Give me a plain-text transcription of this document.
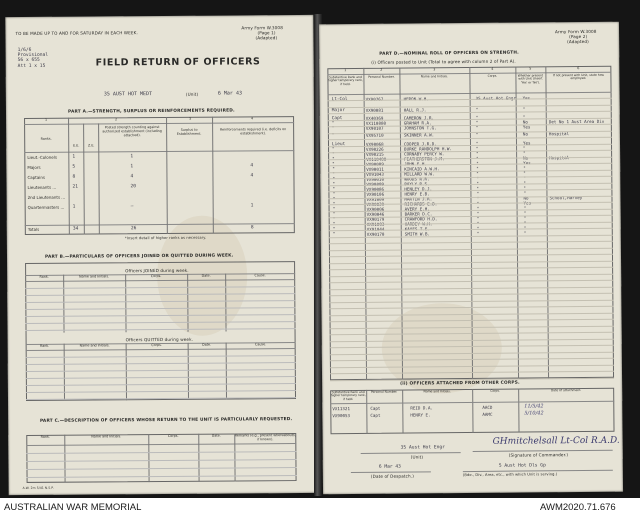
TO BE MADE UP TO AND FOR SATURDAY IN EACH WEEK.
Army Form W.3008
(Page 1)
(Adapted)
1/6/6
Provisional
56 x 655
Att 1 x 15	FIELD RETURN OF OFFICERS
35 AUST HOT MEDT	(Unit)	6 Mar 43
PART A.—STRENGTH, SURPLUS OR REINFORCEMENTS REQUIRED.
1	2	3	4
Ranks.
Posted strength counting against authorized establishment (including attached).
Surplus to Establishment.
Reinforcements required (i.e. deficits on establishment).
E.E.	Z.E.
Lieut.-Colonels	1	1
Majors	5	1	4
Captains	8	4	4
Lieutenants ...	21	20
2nd Lieutenants ...
Quartermasters ... 1	–	1
Totals	34	26	8
*Insert detail of higher ranks as necessary.
PART B.—PARTICULARS OF OFFICERS JOINED OR QUITTED DURING WEEK.
Officers JOINED during week.
Officers QUITTED during week.
Rank.	Name and Initials.	Corps.	Date.	Cause.
Rank.	Name and Initials.	Corps.	Date.	Cause.
PART C.—DESCRIPTION OF OFFICERS WHOSE RETURN TO THE UNIT IS PARTICULARLY REQUESTED.
Rank.	Name and Initials.	Corps.	Date.	Remarks (e.g., present whereabouts, if known).
A.W. 2m 5/41 N.S.P.
Army Form W.3008
(Page 2)
(Adapted)
PART D.—NOMINAL ROLL OF OFFICERS ON STRENGTH.
(i) Officers posted to Unit (Total to agree with column 2 of Part A).
1
Substantive Rank and higher temporary rank, if held.
2
Personal Number.
3
Name and Initials.
4
Corps.
5
Whether present with Unit (Insert 'Yes' or 'No').
6
If not present with Unit, state how employed.
Lt-Col	VX90767	HERON W.H.	35 Aust Hot Engr Yes
Major	VX90081	HALL R.J.	"	"
Capt	VX40369	CAMERON J.R.	"	"
"	VX110880	GRAHAM R.A.	"	No	Det No 1 Aust Area Div
"	VX90107	JOHNSTON T.G.	"	Yes
"	VX95710	SKINNER A.W.	"	No	Hospital
Lieut	VX90068	COOPER J.R.D.	"	Yes
"	VX90226	BURKE RANDOLPH H.W.	"	"
"	VX90215	CORNABY PERCY W.	"	"
"	VX110400	FEATHERSTON J.M.	"	No	Hospital
"	VX90009	JOHN F.H.	"	Yes
"	VX90011	KINCAID A.W.H.	"	"
"	VX91043	MILLARD W.W.	"	"
"	VX90010	WOODS R.R.	"	"
"	VX90009	BAYLY R.S.	"	"
"	VX90086	HENLEY D.J.	"	"
"	VX90106	HENRY E.B.	"	"
"	VX91009	MARTIN J.R.	"	No	School,Harvey
"	VX90039	RICHARDS E.D.	"	Yes
"	VX90006	AVERY E.H.	"	"
"	VX90046	BARKER D.C.	"	"
"	VX90179	CRAWFORD H.D.	"	"
"	VX91003	HARDEY W.H.	"	"
"	VX91044	KAYES T.E.	"	"
"	VX90170	SMITH W.B.	"	"
(ii) OFFICERS ATTACHED FROM OTHER CORPS.
Substantive Rank and higher temporary rank, if held.
Personal Number.	Name and Initials.	Corps.	Date of attachment.
VX11321	Capt	REID D.A.	AACD	11/5/42
VX90053	Capt	HENRY E.	AAMC	5/10/42
GHmitchelsall Lt-Col R.A.D.
(Signature of Commander.)
35 Aust Hot Engr
(Unit)
6 Mar 43
(Date of Despatch.)
5 Aust Hot Dls Gp
(Bde., Div., Area, etc., with which Unit is serving.)
AUSTRALIAN WAR MEMORIAL	AWM2020.71.676
